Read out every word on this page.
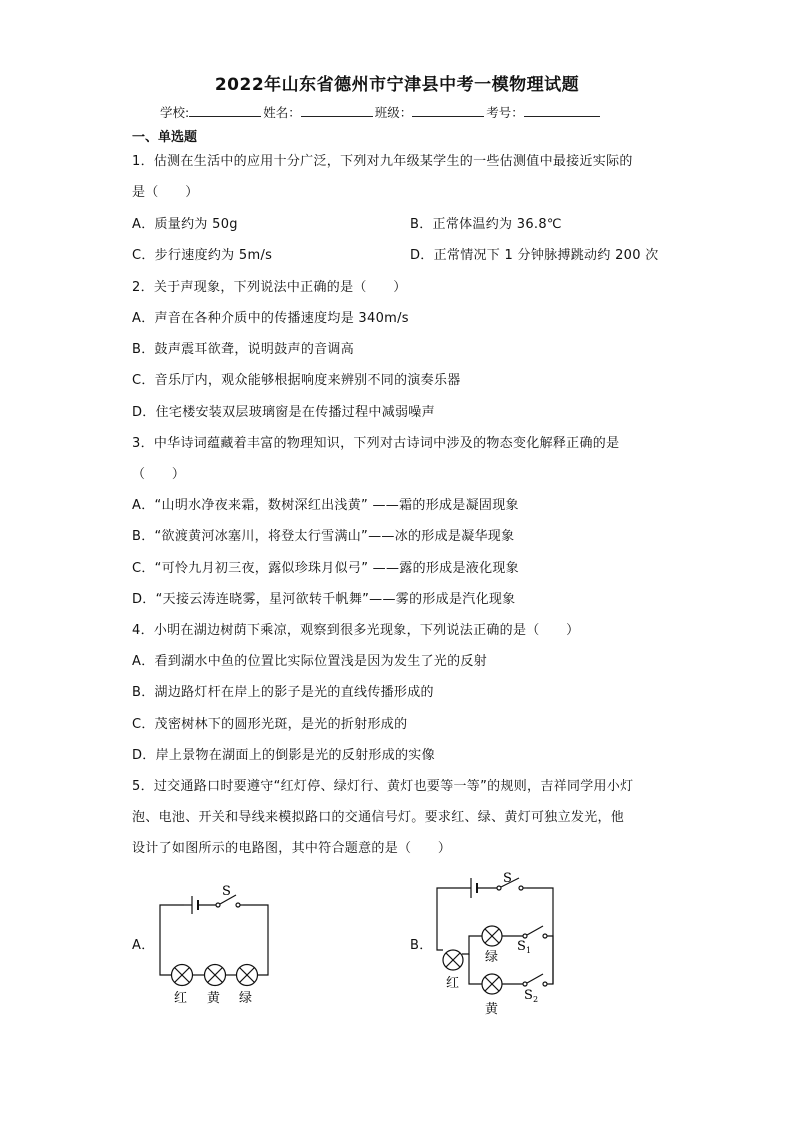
2022年山东省德州市宁津县中考一模物理试题
学校:	姓名：	班级：	考号：
一、单选题
1．估测在生活中的应用十分广泛，下列对九年级某学生的一些估测值中最接近实际的
是（　　）
A．质量约为 50g	B．正常体温约为 36.8℃
C．步行速度约为 5m/s	D．正常情况下 1 分钟脉搏跳动约 200 次
2．关于声现象，下列说法中正确的是（　　）
A．声音在各种介质中的传播速度均是 340m/s
B．鼓声震耳欲聋，说明鼓声的音调高
C．音乐厅内，观众能够根据响度来辨别不同的演奏乐器
D．住宅楼安装双层玻璃窗是在传播过程中减弱噪声
3．中华诗词蕴藏着丰富的物理知识，下列对古诗词中涉及的物态变化解释正确的是
（　　）
A．“山明水净夜来霜，数树深红出浅黄” ——霜的形成是凝固现象
B．“欲渡黄河冰塞川，将登太行雪满山”——冰的形成是凝华现象
C．“可怜九月初三夜，露似珍珠月似弓” ——露的形成是液化现象
D．“天接云涛连晓雾，星河欲转千帆舞”——雾的形成是汽化现象
4．小明在湖边树荫下乘凉，观察到很多光现象，下列说法正确的是（　　）
A．看到湖水中鱼的位置比实际位置浅是因为发生了光的反射
B．湖边路灯杆在岸上的影子是光的直线传播形成的
C．茂密树林下的圆形光斑，是光的折射形成的
D．岸上景物在湖面上的倒影是光的反射形成的实像
5．过交通路口时要遵守“红灯停、绿灯行、黄灯也要等一等”的规则，吉祥同学用小灯
泡、电池、开关和导线来模拟路口的交通信号灯。要求红、绿、黄灯可独立发光，他
设计了如图所示的电路图，其中符合题意的是（　　）
A．	B．
S
红 黄 绿
S
S 1
S 2
绿
红
黄
